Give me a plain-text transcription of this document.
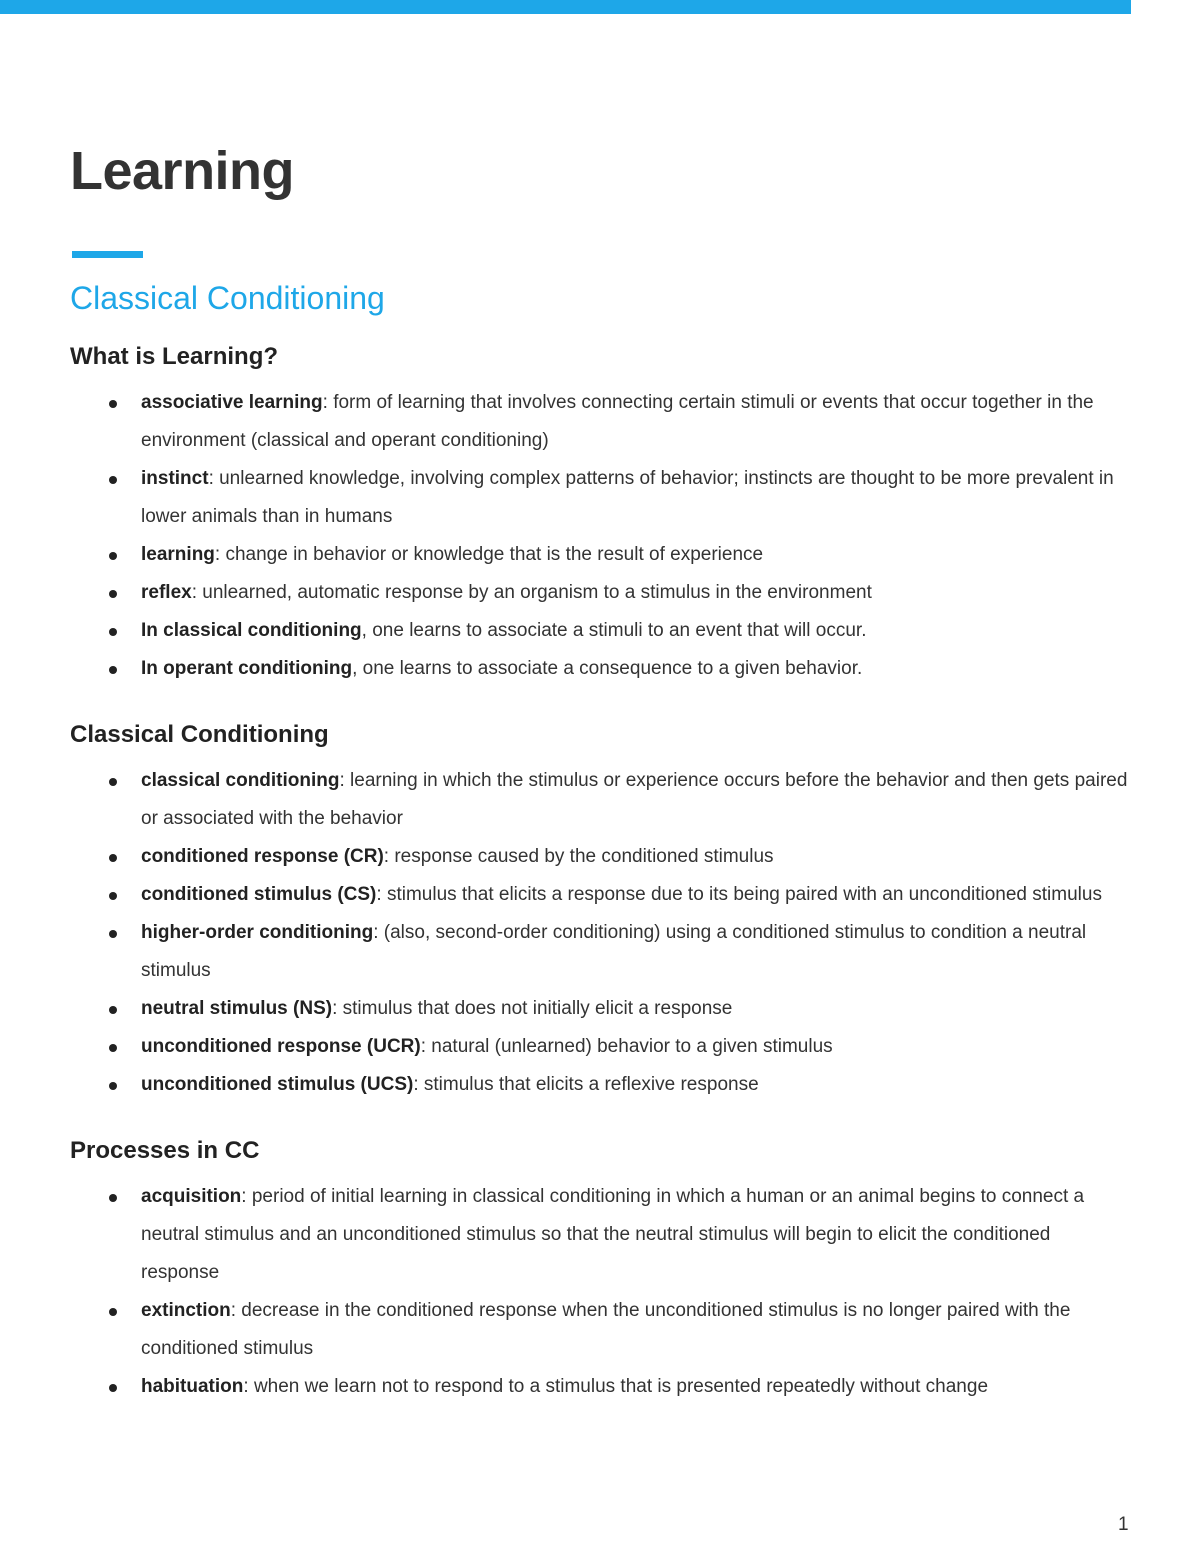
Learning
Classical Conditioning
What is Learning?
associative learning: form of learning that involves connecting certain stimuli or events that occur together in the environment (classical and operant conditioning)
instinct: unlearned knowledge, involving complex patterns of behavior; instincts are thought to be more prevalent in lower animals than in humans
learning: change in behavior or knowledge that is the result of experience
reflex: unlearned, automatic response by an organism to a stimulus in the environment
In classical conditioning, one learns to associate a stimuli to an event that will occur.
In operant conditioning, one learns to associate a consequence to a given behavior.
Classical Conditioning
classical conditioning: learning in which the stimulus or experience occurs before the behavior and then gets paired or associated with the behavior
conditioned response (CR): response caused by the conditioned stimulus
conditioned stimulus (CS): stimulus that elicits a response due to its being paired with an unconditioned stimulus
higher-order conditioning: (also, second-order conditioning) using a conditioned stimulus to condition a neutral stimulus
neutral stimulus (NS): stimulus that does not initially elicit a response
unconditioned response (UCR): natural (unlearned) behavior to a given stimulus
unconditioned stimulus (UCS): stimulus that elicits a reflexive response
Processes in CC
acquisition: period of initial learning in classical conditioning in which a human or an animal begins to connect a neutral stimulus and an unconditioned stimulus so that the neutral stimulus will begin to elicit the conditioned response
extinction: decrease in the conditioned response when the unconditioned stimulus is no longer paired with the conditioned stimulus
habituation: when we learn not to respond to a stimulus that is presented repeatedly without change
1
